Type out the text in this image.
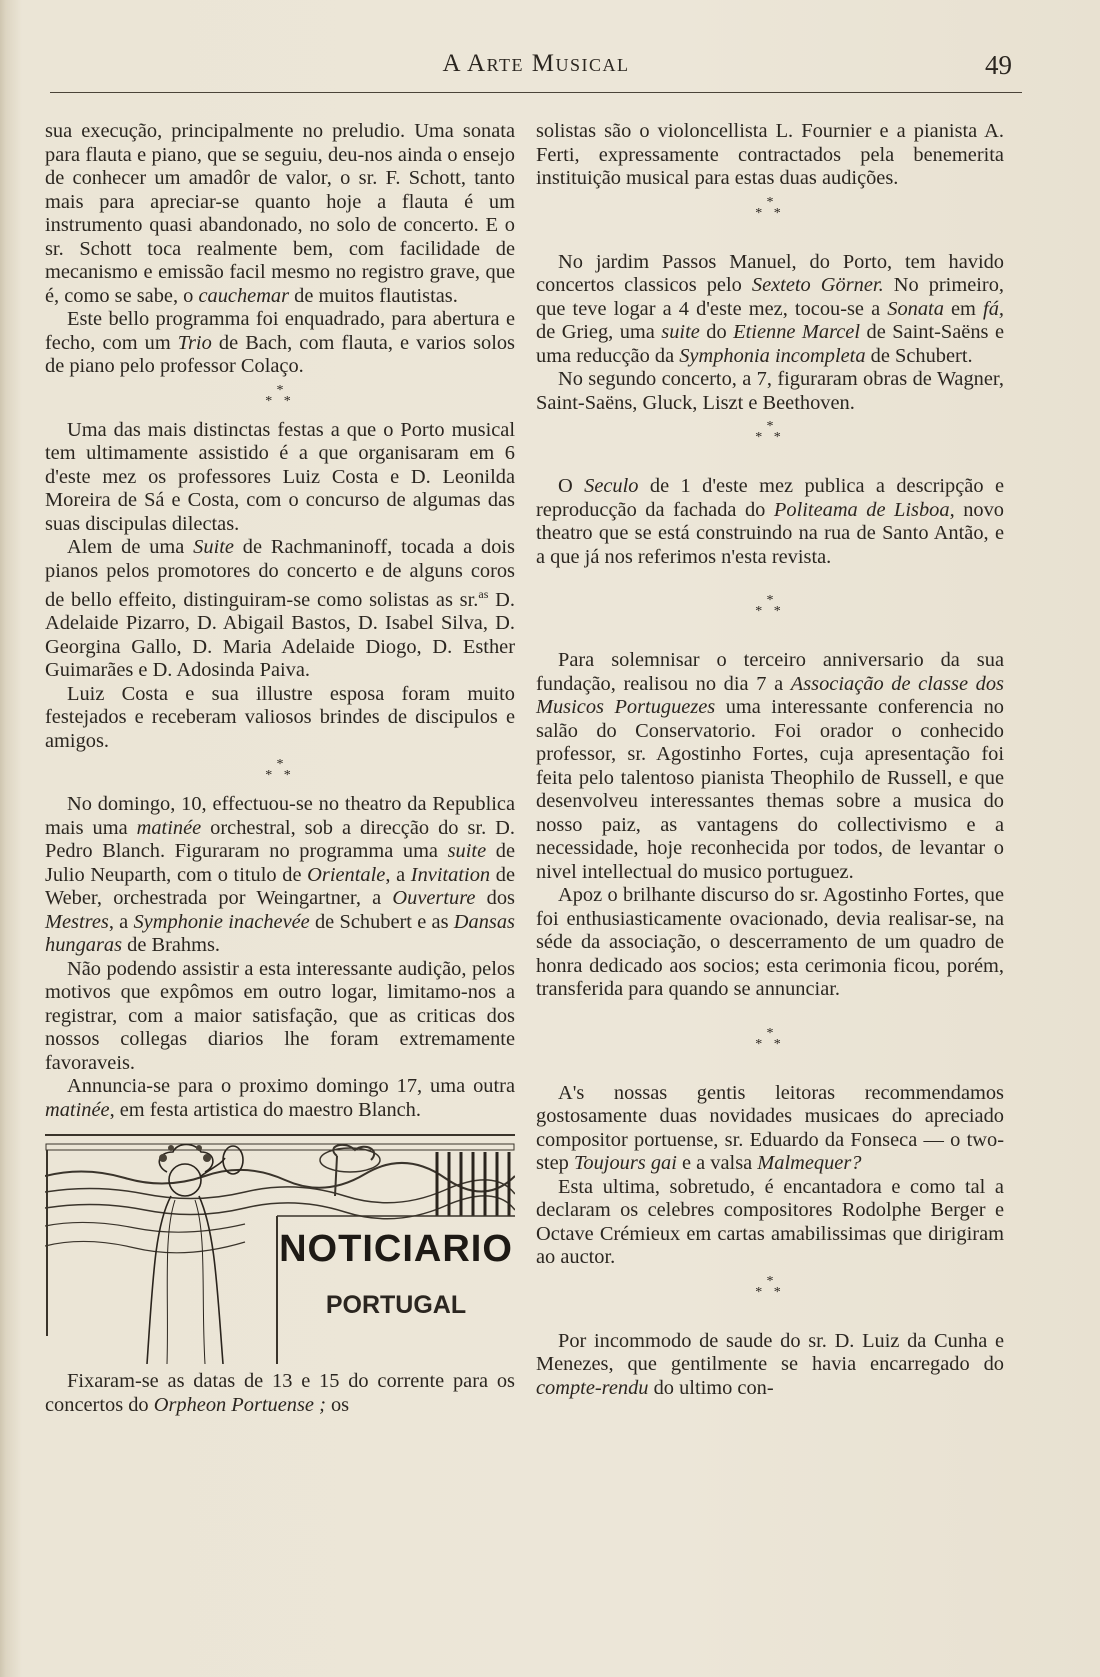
A Arte Musical	49

sua execução, principalmente no preludio. Uma sonata para flauta e piano, que se seguiu, deu-nos ainda o ensejo de conhecer um amadôr de valor, o sr. F. Schott, tanto mais para apreciar-se quanto hoje a flauta é um instrumento quasi abandonado, no solo de concerto. E o sr. Schott toca realmente bem, com facilidade de mecanismo e emissão facil mesmo no registro grave, que é, como se sabe, o cauchemar de muitos flautistas.

Este bello programma foi enquadrado, para abertura e fecho, com um Trio de Bach, com flauta, e varios solos de piano pelo professor Colaço.

*
* *

Uma das mais distinctas festas a que o Porto musical tem ultimamente assistido é a que organisaram em 6 d'este mez os professores Luiz Costa e D. Leonilda Moreira de Sá e Costa, com o concurso de algumas das suas discipulas dilectas.

Alem de uma Suite de Rachmaninoff, tocada a dois pianos pelos promotores do concerto e de alguns coros de bello effeito, distinguiram-se como solistas as sr.$^{as}$ D. Adelaide Pizarro, D. Abigail Bastos, D. Isabel Silva, D. Georgina Gallo, D. Maria Adelaide Diogo, D. Esther Guimarães e D. Adosinda Paiva.

Luiz Costa e sua illustre esposa foram muito festejados e receberam valiosos brindes de discipulos e amigos.

*
* *

No domingo, 10, effectuou-se no theatro da Republica mais uma matinée orchestral, sob a direcção do sr. D. Pedro Blanch. Figuraram no programma uma suite de Julio Neuparth, com o titulo de Orientale, a Invitation de Weber, orchestrada por Weingartner, a Ouverture dos Mestres, a Symphonie inachevée de Schubert e as Dansas hungaras de Brahms.

Não podendo assistir a esta interessante audição, pelos motivos que expômos em outro logar, limitamo-nos a registrar, com a maior satisfação, que as criticas dos nossos collegas diarios lhe foram extremamente favoraveis.

Annuncia-se para o proximo domingo 17, uma outra matinée, em festa artistica do maestro Blanch.

NOTICIARIO
PORTUGAL

Fixaram-se as datas de 13 e 15 do corrente para os concertos do Orpheon Portuense ; os

solistas são o violoncellista L. Fournier e a pianista A. Ferti, expressamente contractados pela benemerita instituição musical para estas duas audições.

*
* *

No jardim Passos Manuel, do Porto, tem havido concertos classicos pelo Sexteto Görner. No primeiro, que teve logar a 4 d'este mez, tocou-se a Sonata em fá, de Grieg, uma suite do Etienne Marcel de Saint-Saëns e uma reducção da Symphonia incompleta de Schubert.

No segundo concerto, a 7, figuraram obras de Wagner, Saint-Saëns, Gluck, Liszt e Beethoven.

*
* *

O Seculo de 1 d'este mez publica a descripção e reproducção da fachada do Politeama de Lisboa, novo theatro que se está construindo na rua de Santo Antão, e a que já nos referimos n'esta revista.

*
* *

Para solemnisar o terceiro anniversario da sua fundação, realisou no dia 7 a Associação de classe dos Musicos Portuguezes uma interessante conferencia no salão do Conservatorio. Foi orador o conhecido professor, sr. Agostinho Fortes, cuja apresentação foi feita pelo talentoso pianista Theophilo de Russell, e que desenvolveu interessantes themas sobre a musica do nosso paiz, as vantagens do collectivismo e a necessidade, hoje reconhecida por todos, de levantar o nivel intellectual do musico portuguez.

Apoz o brilhante discurso do sr. Agostinho Fortes, que foi enthusiasticamente ovacionado, devia realisar-se, na séde da associação, o descerramento de um quadro de honra dedicado aos socios; esta cerimonia ficou, porém, transferida para quando se annunciar.

*
* *

A's nossas gentis leitoras recommendamos gostosamente duas novidades musicaes do apreciado compositor portuense, sr. Eduardo da Fonseca — o two-step Toujours gai e a valsa Malmequer?

Esta ultima, sobretudo, é encantadora e como tal a declaram os celebres compositores Rodolphe Berger e Octave Crémieux em cartas amabilissimas que dirigiram ao auctor.

*
* *

Por incommodo de saude do sr. D. Luiz da Cunha e Menezes, que gentilmente se havia encarregado do compte-rendu do ultimo con-
